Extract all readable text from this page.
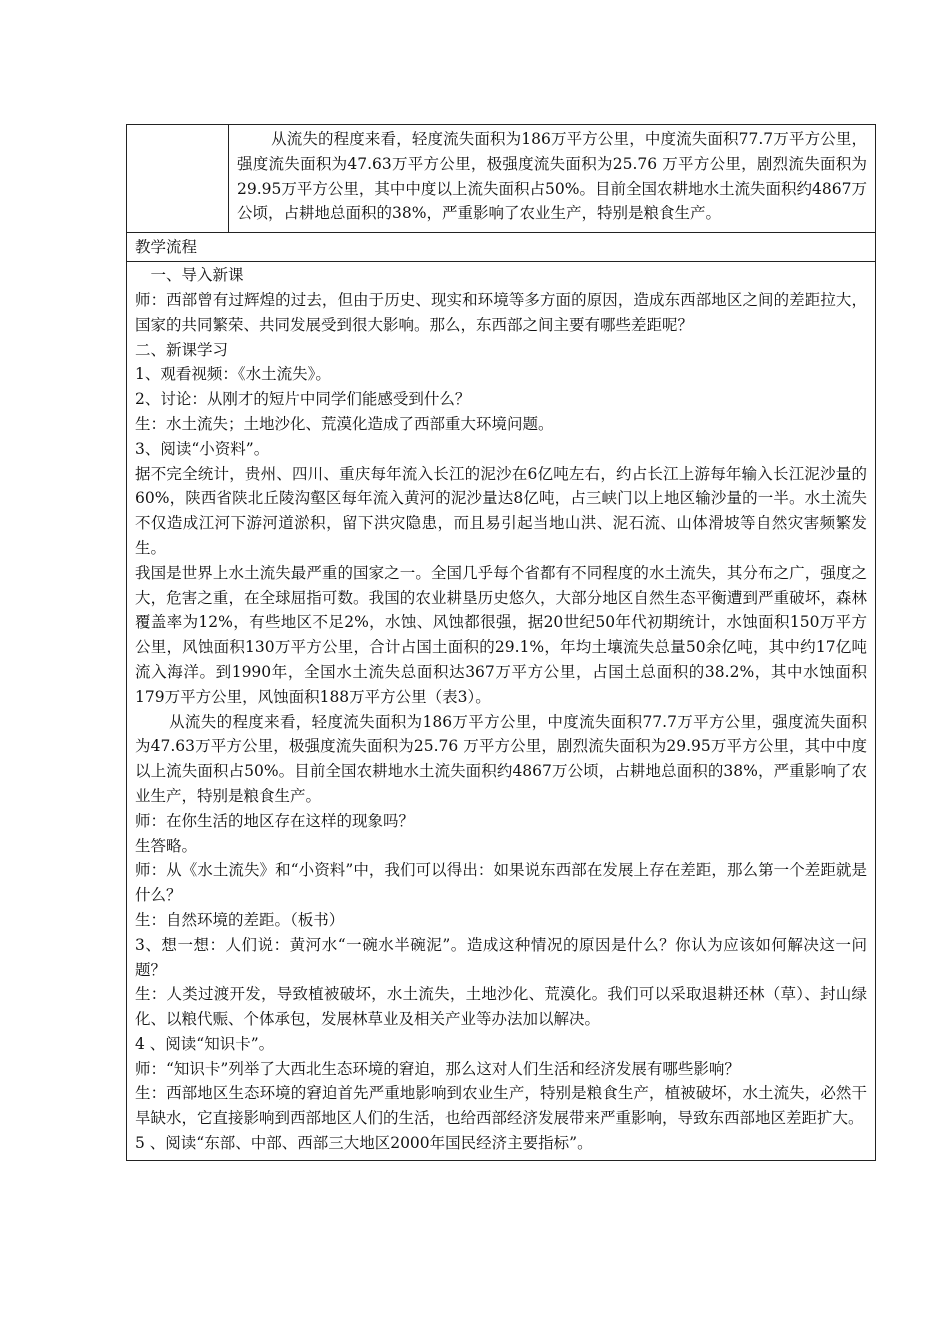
从流失的程度来看，轻度流失面积为186万平方公里，中度流失面积77.7万平方公里，强度流失面积为47.63万平方公里，极强度流失面积为25.76 万平方公里，剧烈流失面积为29.95万平方公里，其中中度以上流失面积占50%。目前全国农耕地水土流失面积约4867万公顷，占耕地总面积的38%，严重影响了农业生产，特别是粮食生产。

教学流程

一、导入新课

师：西部曾有过辉煌的过去，但由于历史、现实和环境等多方面的原因，造成东西部地区之间的差距拉大，国家的共同繁荣、共同发展受到很大影响。那么，东西部之间主要有哪些差距呢？

二、新课学习

1、观看视频：《水土流失》。

2、讨论：从刚才的短片中同学们能感受到什么？

生：水土流失；土地沙化、荒漠化造成了西部重大环境问题。

3、阅读“小资料”。

据不完全统计，贵州、四川、重庆每年流入长江的泥沙在6亿吨左右，约占长江上游每年输入长江泥沙量的60%，陕西省陕北丘陵沟壑区每年流入黄河的泥沙量达8亿吨，占三峡门以上地区输沙量的一半。水土流失不仅造成江河下游河道淤积，留下洪灾隐患，而且易引起当地山洪、泥石流、山体滑坡等自然灾害频繁发生。

我国是世界上水土流失最严重的国家之一。全国几乎每个省都有不同程度的水土流失，其分布之广，强度之大，危害之重，在全球屈指可数。我国的农业耕垦历史悠久，大部分地区自然生态平衡遭到严重破坏，森林覆盖率为12%，有些地区不足2%，水蚀、风蚀都很强，据20世纪50年代初期统计，水蚀面积150万平方公里，风蚀面积130万平方公里，合计占国土面积的29.1%，年均土壤流失总量50余亿吨，其中约17亿吨流入海洋。到1990年，全国水土流失总面积达367万平方公里，占国土总面积的38.2%，其中水蚀面积179万平方公里，风蚀面积188万平方公里（表3）。

从流失的程度来看，轻度流失面积为186万平方公里，中度流失面积77.7万平方公里，强度流失面积为47.63万平方公里，极强度流失面积为25.76 万平方公里，剧烈流失面积为29.95万平方公里，其中中度以上流失面积占50%。目前全国农耕地水土流失面积约4867万公顷，占耕地总面积的38%，严重影响了农业生产，特别是粮食生产。

师：在你生活的地区存在这样的现象吗？

生答略。

师：从《水土流失》和“小资料”中，我们可以得出：如果说东西部在发展上存在差距，那么第一个差距就是什么？

生：自然环境的差距。（板书）

3、想一想：人们说：黄河水“一碗水半碗泥”。造成这种情况的原因是什么？你认为应该如何解决这一问题？

生：人类过渡开发，导致植被破坏，水土流失，土地沙化、荒漠化。我们可以采取退耕还林（草）、封山绿化、以粮代赈、个体承包，发展林草业及相关产业等办法加以解决。

4 、阅读“知识卡”。

师：“知识卡”列举了大西北生态环境的窘迫，那么这对人们生活和经济发展有哪些影响？

生：西部地区生态环境的窘迫首先严重地影响到农业生产，特别是粮食生产，植被破坏，水土流失，必然干旱缺水，它直接影响到西部地区人们的生活，也给西部经济发展带来严重影响，导致东西部地区差距扩大。

5 、阅读“东部、中部、西部三大地区2000年国民经济主要指标”。
